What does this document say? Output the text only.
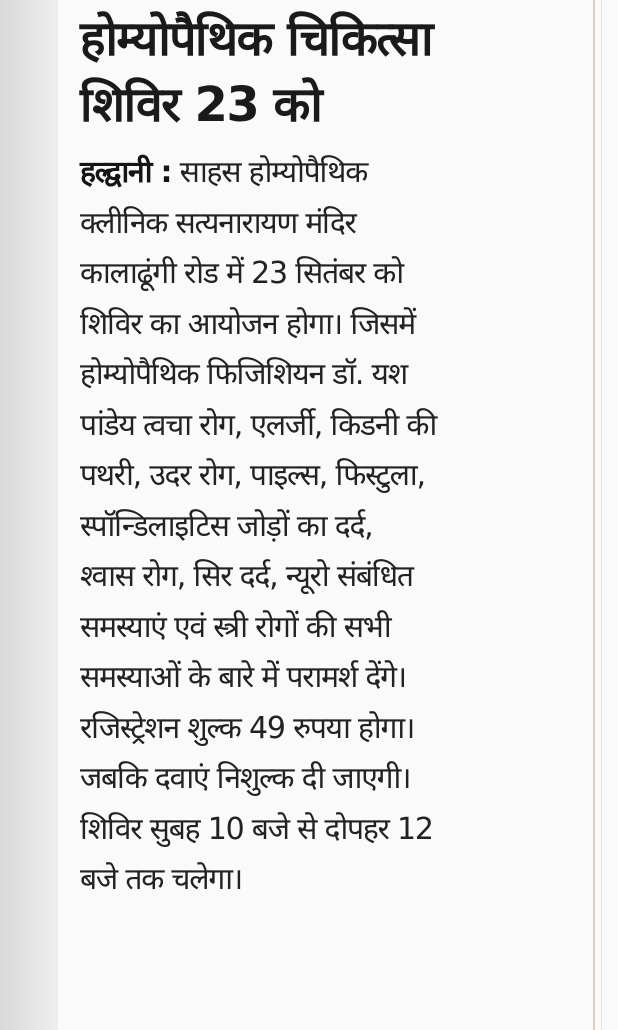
होम्योपैथिक चिकित्सा
शिविर 23 को
हल्द्वानी : साहस होम्योपैथिक
क्लीनिक सत्यनारायण मंदिर
कालाढूंगी रोड में 23 सितंबर को
शिविर का आयोजन होगा। जिसमें
होम्योपैथिक फिजिशियन डॉ. यश
पांडेय त्वचा रोग, एलर्जी, किडनी की
पथरी, उदर रोग, पाइल्स, फिस्टुला,
स्पॉन्डिलाइटिस जोड़ों का दर्द,
श्वास रोग, सिर दर्द, न्यूरो संबंधित
समस्याएं एवं स्त्री रोगों की सभी
समस्याओं के बारे में परामर्श देंगे।
रजिस्ट्रेशन शुल्क 49 रुपया होगा।
जबकि दवाएं निशुल्क दी जाएगी।
शिविर सुबह 10 बजे से दोपहर 12
बजे तक चलेगा।
